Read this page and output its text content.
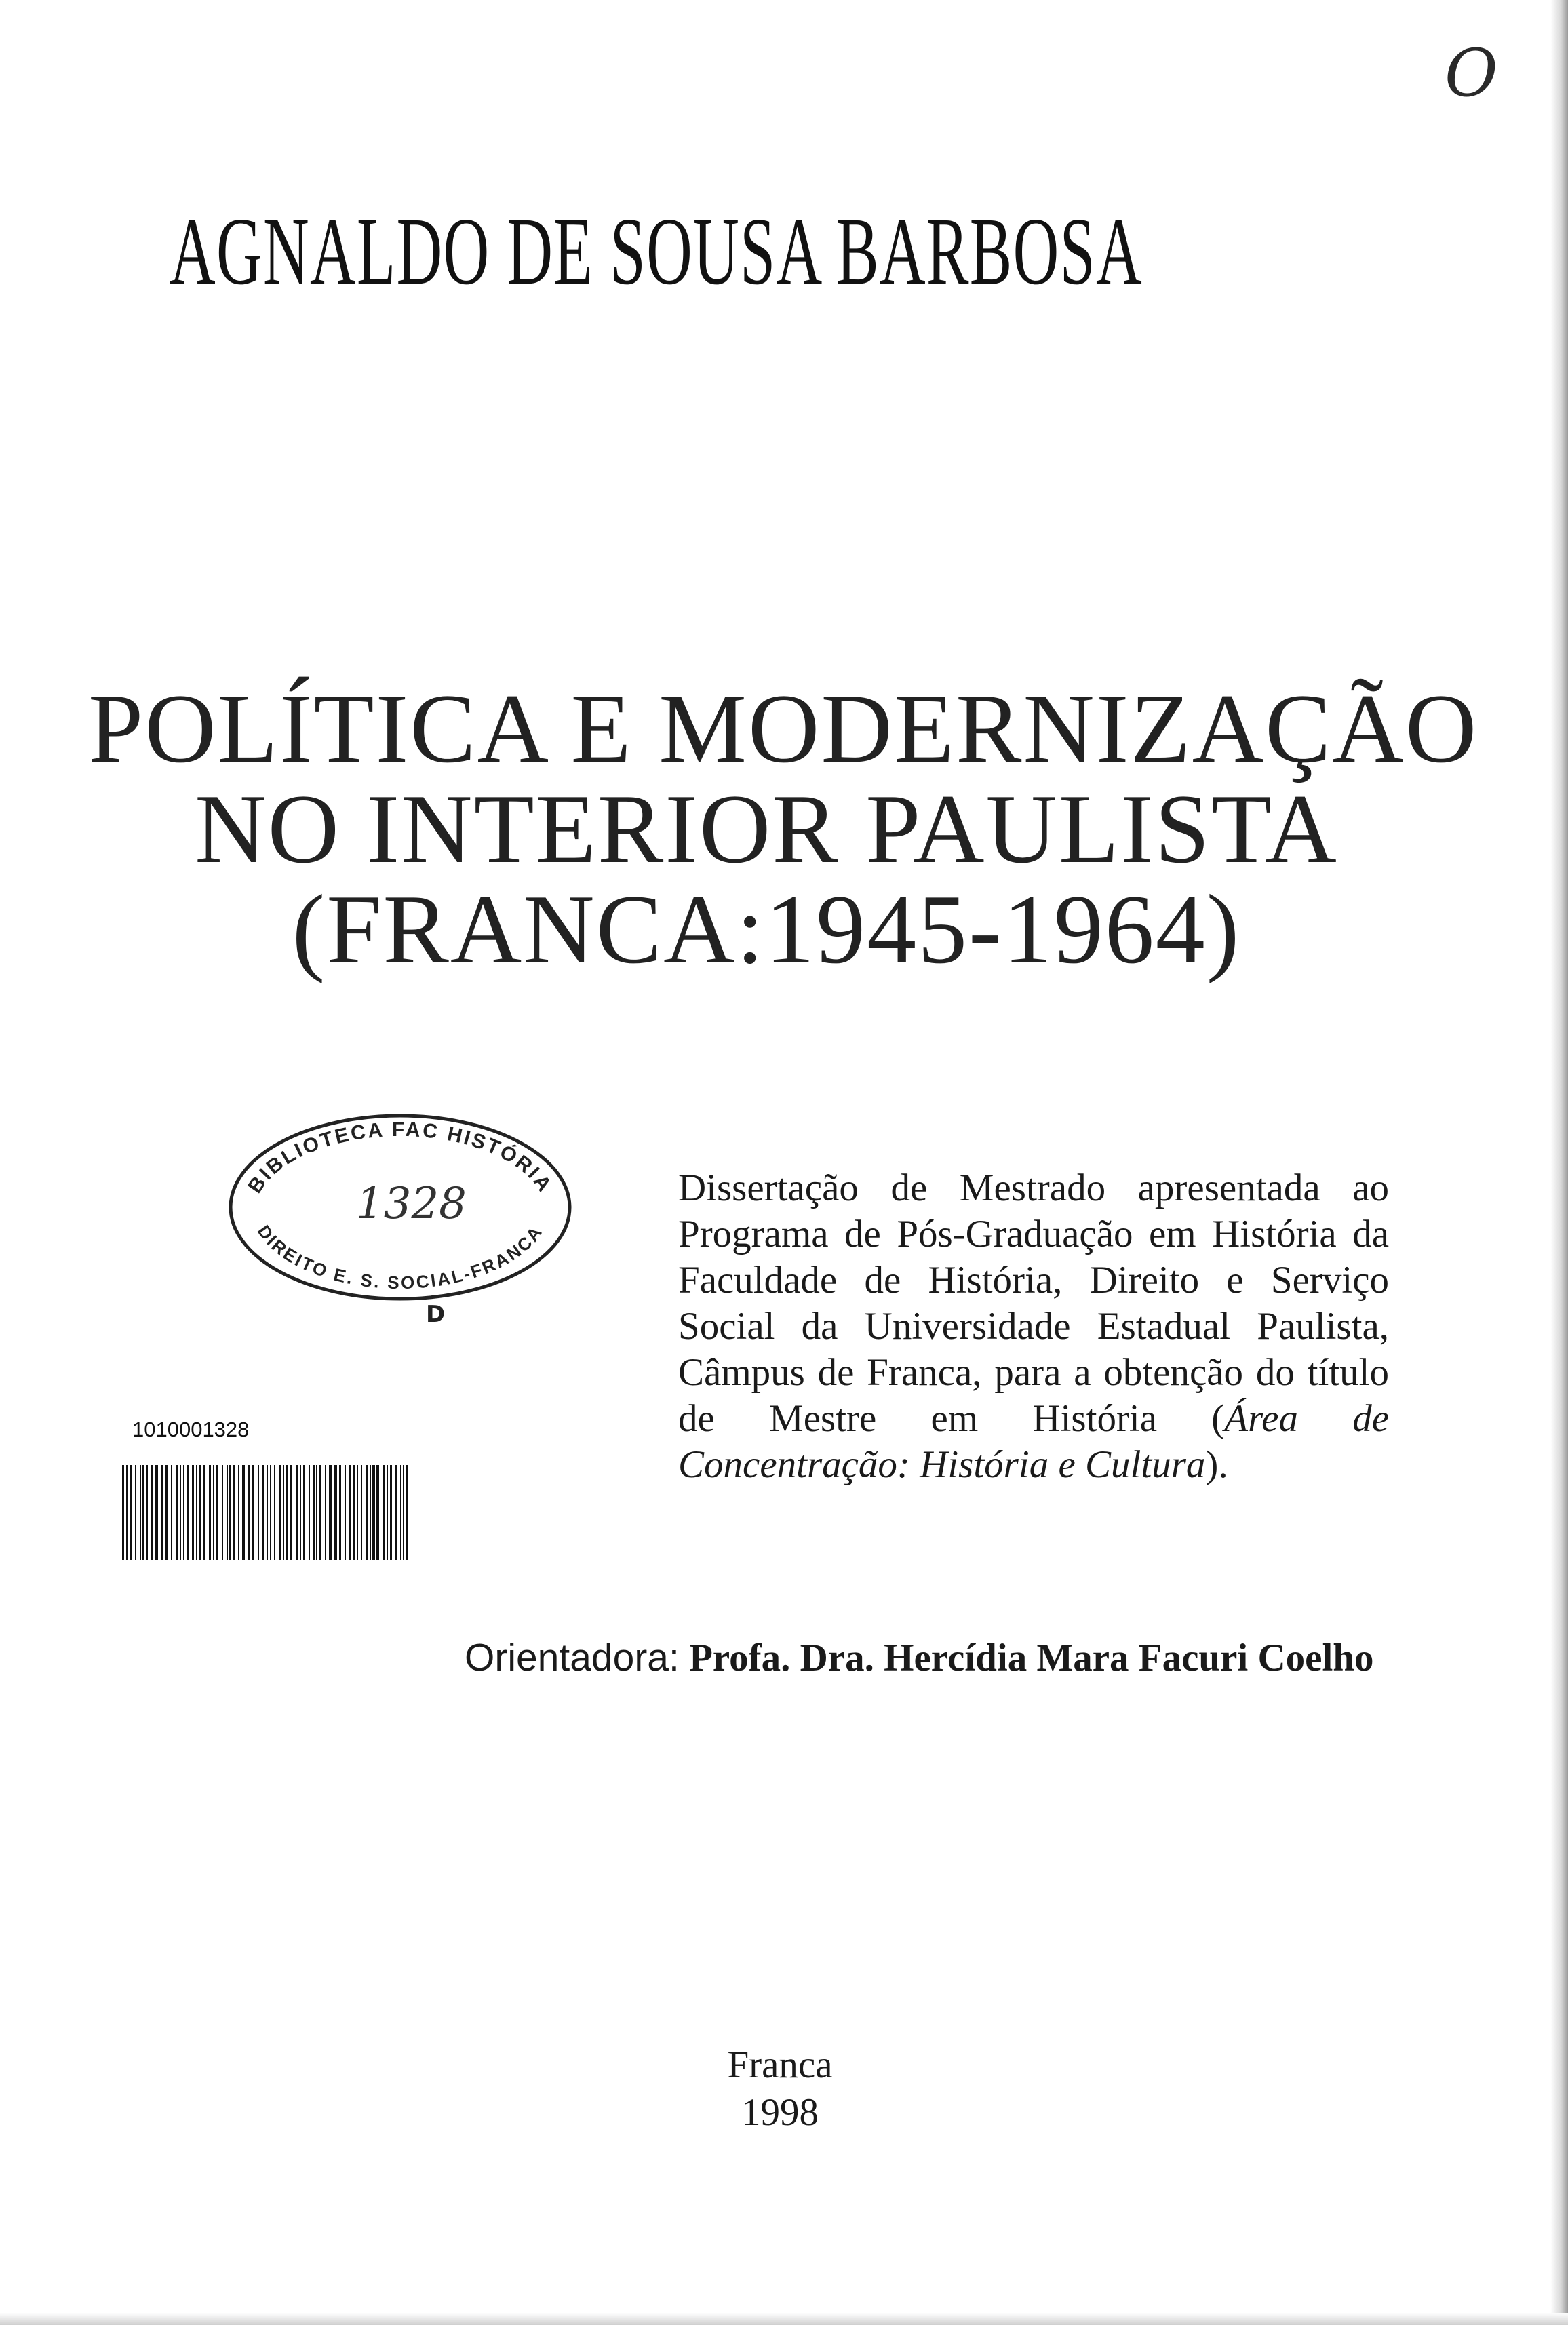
O
AGNALDO DE SOUSA BARBOSA
POLÍTICA E MODERNIZAÇÃO
NO INTERIOR PAULISTA
(FRANCA:1945-1964)
BIBLIOTECA FAC HISTÓRIA
DIREITO E. S. SOCIAL-FRANCA
1328
D
1010001328
Dissertação de Mestrado apresentada ao Programa de Pós-Graduação em História da Faculdade de História, Direito e Serviço Social da Universidade Estadual Paulista, Câmpus de Franca, para a obtenção do título de Mestre em História (Área de Concentração: História e Cultura).
Orientadora: Profa. Dra. Hercídia Mara Facuri Coelho
Franca
1998
